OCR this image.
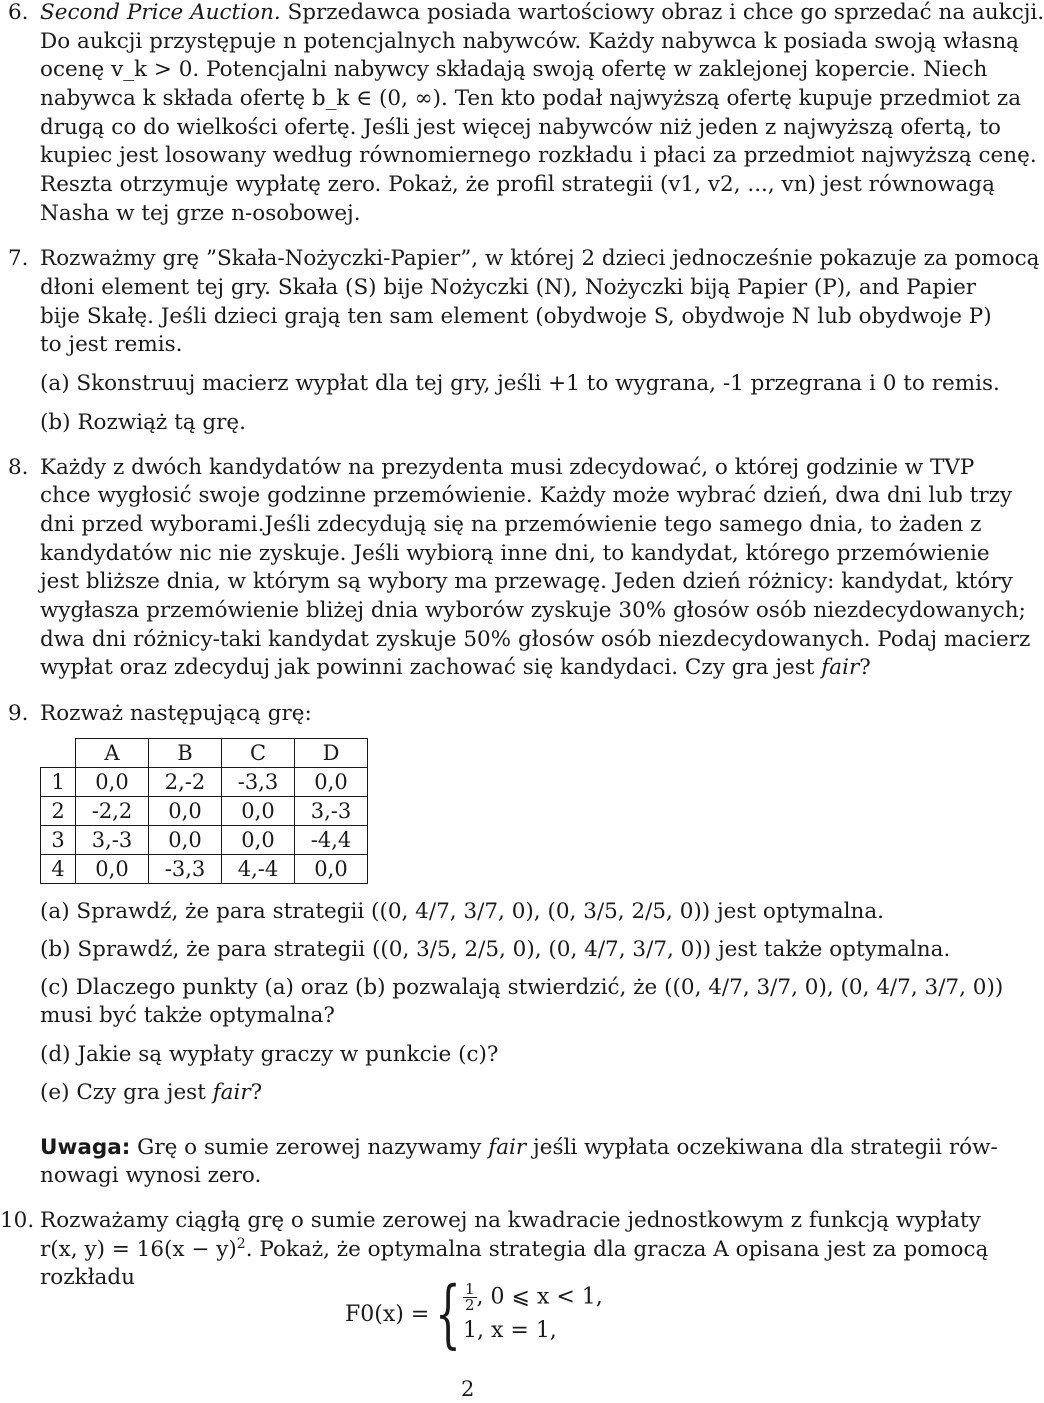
6. Second Price Auction. Sprzedawca posiada wartościowy obraz i chce go sprzedać na aukcji.
Do aukcji przystępuje n potencjalnych nabywców. Każdy nabywca k posiada swoją własną
ocenę v_k > 0. Potencjalni nabywcy składają swoją ofertę w zaklejonej kopercie. Niech
nabywca k składa ofertę b_k ∈ (0, ∞). Ten kto podał najwyższą ofertę kupuje przedmiot za
drugą co do wielkości ofertę. Jeśli jest więcej nabywców niż jeden z najwyższą ofertą, to
kupiec jest losowany według równomiernego rozkładu i płaci za przedmiot najwyższą cenę.
Reszta otrzymuje wypłatę zero. Pokaż, że profil strategii (v1, v2, ..., vn) jest równowagą
Nasha w tej grze n-osobowej.
7. Rozważmy grę ”Skała-Nożyczki-Papier”, w której 2 dzieci jednocześnie pokazuje za pomocą
dłoni element tej gry. Skała (S) bije Nożyczki (N), Nożyczki biją Papier (P), and Papier
bije Skałę. Jeśli dzieci grają ten sam element (obydwoje S, obydwoje N lub obydwoje P)
to jest remis.
(a) Skonstruuj macierz wypłat dla tej gry, jeśli +1 to wygrana, -1 przegrana i 0 to remis.
(b) Rozwiąż tą grę.
8. Każdy z dwóch kandydatów na prezydenta musi zdecydować, o której godzinie w TVP
chce wygłosić swoje godzinne przemówienie. Każdy może wybrać dzień, dwa dni lub trzy
dni przed wyborami.Jeśli zdecydują się na przemówienie tego samego dnia, to żaden z
kandydatów nic nie zyskuje. Jeśli wybiorą inne dni, to kandydat, którego przemówienie
jest bliższe dnia, w którym są wybory ma przewagę. Jeden dzień różnicy: kandydat, który
wygłasza przemówienie bliżej dnia wyborów zyskuje 30% głosów osób niezdecydowanych;
dwa dni różnicy-taki kandydat zyskuje 50% głosów osób niezdecydowanych. Podaj macierz
wypłat oraz zdecyduj jak powinni zachować się kandydaci. Czy gra jest fair?
9. Rozważ następującą grę:
	A	B	C	D
1	0,0	2,-2	-3,3	0,0
2	-2,2	0,0	0,0	3,-3
3	3,-3	0,0	0,0	-4,4
4	0,0	-3,3	4,-4	0,0
(a) Sprawdź, że para strategii ((0, 4/7, 3/7, 0), (0, 3/5, 2/5, 0)) jest optymalna.
(b) Sprawdź, że para strategii ((0, 3/5, 2/5, 0), (0, 4/7, 3/7, 0)) jest także optymalna.
(c) Dlaczego punkty (a) oraz (b) pozwalają stwierdzić, że ((0, 4/7, 3/7, 0), (0, 4/7, 3/7, 0))
musi być także optymalna?
(d) Jakie są wypłaty graczy w punkcie (c)?
(e) Czy gra jest fair?
Uwaga: Grę o sumie zerowej nazywamy fair jeśli wypłata oczekiwana dla strategii rów-
nowagi wynosi zero.
10. Rozważamy ciągłą grę o sumie zerowej na kwadracie jednostkowym z funkcją wypłaty
r(x, $y) = 16(x - y)^2$. Pokaż, że optymalna strategia dla gracza A opisana jest za pomocą
rozkładu
F0(x) = { $\frac{1}{2}$ , 0 ⩽ x < 1,
1, x = 1,
2
